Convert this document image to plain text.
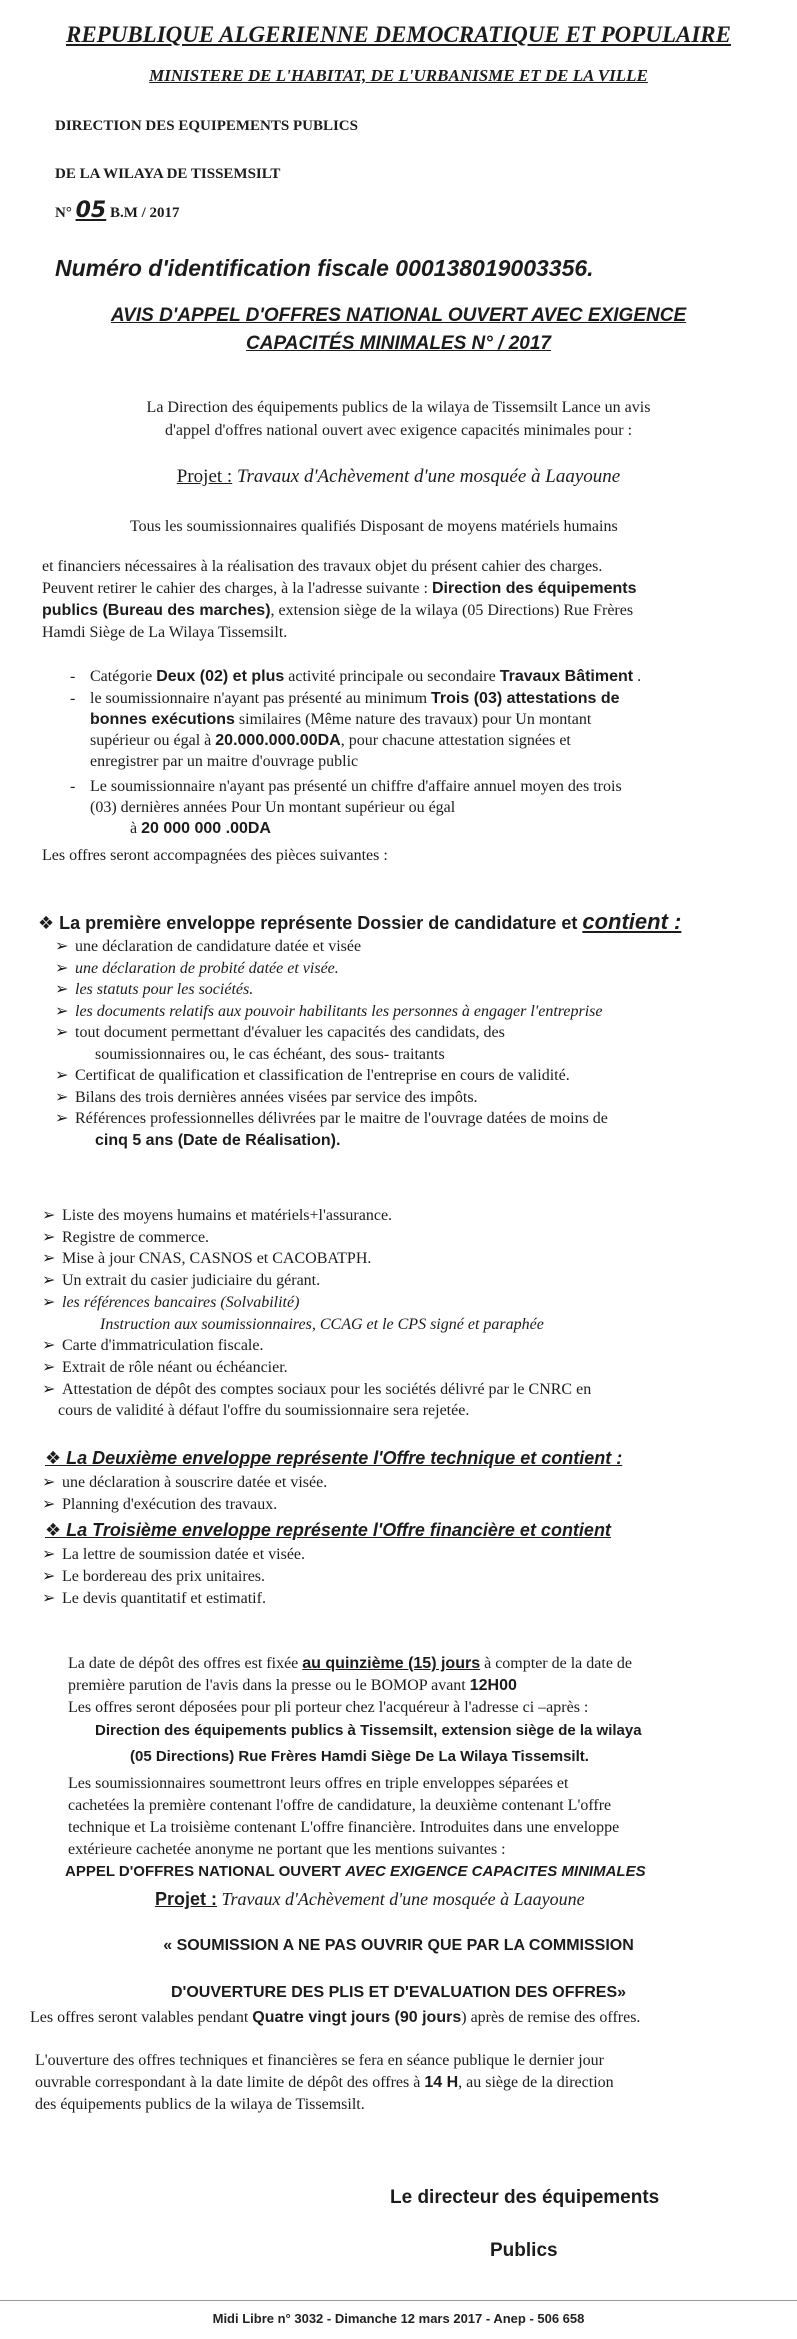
REPUBLIQUE ALGERIENNE DEMOCRATIQUE ET POPULAIRE
MINISTERE DE L'HABITAT, DE L'URBANISME ET DE LA VILLE
DIRECTION DES EQUIPEMENTS PUBLICS
DE LA WILAYA DE TISSEMSILT
N° 05 B.M / 2017
Numéro d'identification fiscale 000138019003356.
AVIS D'APPEL D'OFFRES NATIONAL OUVERT AVEC EXIGENCE
CAPACITÉS MINIMALES N° / 2017
La Direction des équipements publics de la wilaya de Tissemsilt Lance un avis
d'appel d'offres national ouvert avec exigence capacités minimales pour :
Projet : Travaux d'Achèvement d'une mosquée à Laayoune
Tous les soumissionnaires qualifiés Disposant de moyens matériels humains
et financiers nécessaires à la réalisation des travaux objet du présent cahier des charges.
Peuvent retirer le cahier des charges, à la l'adresse suivante : Direction des équipements
publics (Bureau des marches), extension siège de la wilaya (05 Directions) Rue Frères
Hamdi Siège de La Wilaya Tissemsilt.
- Catégorie Deux (02) et plus activité principale ou secondaire Travaux Bâtiment .
- le soumissionnaire n'ayant pas présenté au minimum Trois (03) attestations de
bonnes exécutions similaires (Même nature des travaux) pour Un montant
supérieur ou égal à 20.000.000.00DA, pour chacune attestation signées et
enregistrer par un maitre d'ouvrage public
- Le soumissionnaire n'ayant pas présenté un chiffre d'affaire annuel moyen des trois
(03) dernières années Pour Un montant supérieur ou égal
à 20 000 000 .00DA
Les offres seront accompagnées des pièces suivantes :
❖ La première enveloppe représente Dossier de candidature et contient :
➢ une déclaration de candidature datée et visée
➢ une déclaration de probité datée et visée.
➢ les statuts pour les sociétés.
➢ les documents relatifs aux pouvoir habilitants les personnes à engager l'entreprise
➢ tout document permettant d'évaluer les capacités des candidats, des
soumissionnaires ou, le cas échéant, des sous- traitants
➢ Certificat de qualification et classification de l'entreprise en cours de validité.
➢ Bilans des trois dernières années visées par service des impôts.
➢ Références professionnelles délivrées par le maitre de l'ouvrage datées de moins de
cinq 5 ans (Date de Réalisation).
➢ Liste des moyens humains et matériels+l'assurance.
➢ Registre de commerce.
➢ Mise à jour CNAS, CASNOS et CACOBATPH.
➢ Un extrait du casier judiciaire du gérant.
➢ les références bancaires (Solvabilité)
Instruction aux soumissionnaires, CCAG et le CPS signé et paraphée
➢ Carte d'immatriculation fiscale.
➢ Extrait de rôle néant ou échéancier.
➢ Attestation de dépôt des comptes sociaux pour les sociétés délivré par le CNRC en
cours de validité à défaut l'offre du soumissionnaire sera rejetée.
❖ La Deuxième enveloppe représente l'Offre technique et contient :
➢ une déclaration à souscrire datée et visée.
➢ Planning d'exécution des travaux.
❖ La Troisième enveloppe représente l'Offre financière et contient
➢ La lettre de soumission datée et visée.
➢ Le bordereau des prix unitaires.
➢ Le devis quantitatif et estimatif.
La date de dépôt des offres est fixée au quinzième (15) jours à compter de la date de
première parution de l'avis dans la presse ou le BOMOP avant 12H00
Les offres seront déposées pour pli porteur chez l'acquéreur à l'adresse ci –après :
Direction des équipements publics à Tissemsilt, extension siège de la wilaya
(05 Directions) Rue Frères Hamdi Siège De La Wilaya Tissemsilt.
Les soumissionnaires soumettront leurs offres en triple enveloppes séparées et
cachetées la première contenant l'offre de candidature, la deuxième contenant L'offre
technique et La troisième contenant L'offre financière. Introduites dans une enveloppe
extérieure cachetée anonyme ne portant que les mentions suivantes :
APPEL D'OFFRES NATIONAL OUVERT AVEC EXIGENCE CAPACITES MINIMALES
Projet : Travaux d'Achèvement d'une mosquée à Laayoune
« SOUMISSION A NE PAS OUVRIR QUE PAR LA COMMISSION
D'OUVERTURE DES PLIS ET D'EVALUATION DES OFFRES»
Les offres seront valables pendant Quatre vingt jours (90 jours) après de remise des offres.
L'ouverture des offres techniques et financières se fera en séance publique le dernier jour
ouvrable correspondant à la date limite de dépôt des offres à 14 H, au siège de la direction
des équipements publics de la wilaya de Tissemsilt.
Le directeur des équipements
Publics
Midi Libre n° 3032 - Dimanche 12 mars 2017 - Anep - 506 658
